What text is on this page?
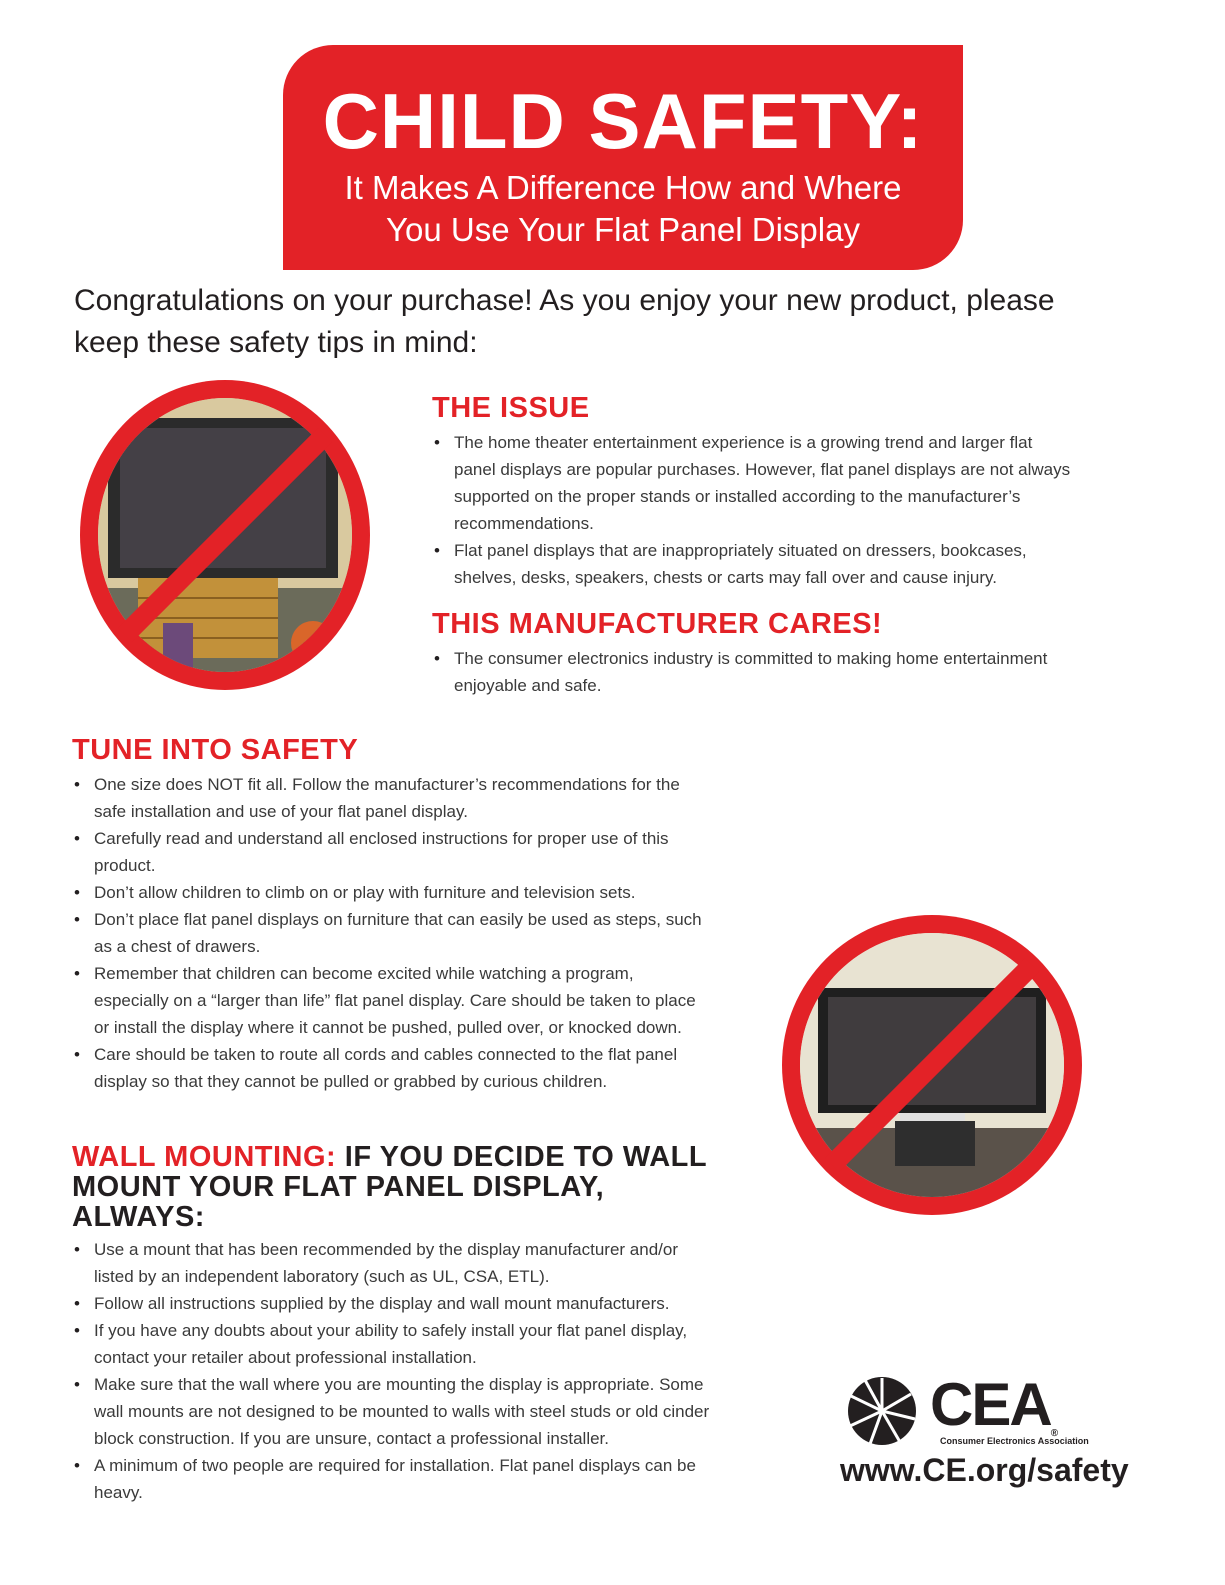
CHILD SAFETY:
It Makes A Difference How and Where
You Use Your Flat Panel Display
Congratulations on your purchase! As you enjoy your new product, please keep these safety tips in mind:
THE ISSUE
• The home theater entertainment experience is a growing trend and larger flat panel displays are popular purchases. However, flat panel displays are not always supported on the proper stands or installed according to the manufacturer’s recommendations.
• Flat panel displays that are inappropriately situated on dressers, bookcases, shelves, desks, speakers, chests or carts may fall over and cause injury.
THIS MANUFACTURER CARES!
• The consumer electronics industry is committed to making home entertainment enjoyable and safe.
TUNE INTO SAFETY
• One size does NOT fit all. Follow the manufacturer’s recommendations for the safe installation and use of your flat panel display.
• Carefully read and understand all enclosed instructions for proper use of this product.
• Don’t allow children to climb on or play with furniture and television sets.
• Don’t place flat panel displays on furniture that can easily be used as steps, such as a chest of drawers.
• Remember that children can become excited while watching a program, especially on a “larger than life” flat panel display. Care should be taken to place or install the display where it cannot be pushed, pulled over, or knocked down.
• Care should be taken to route all cords and cables connected to the flat panel display so that they cannot be pulled or grabbed by curious children.
WALL MOUNTING: IF YOU DECIDE TO WALL MOUNT YOUR FLAT PANEL DISPLAY, ALWAYS:
• Use a mount that has been recommended by the display manufacturer and/or listed by an independent laboratory (such as UL, CSA, ETL).
• Follow all instructions supplied by the display and wall mount manufacturers.
• If you have any doubts about your ability to safely install your flat panel display, contact your retailer about professional installation.
• Make sure that the wall where you are mounting the display is appropriate. Some wall mounts are not designed to be mounted to walls with steel studs or old cinder block construction. If you are unsure, contact a professional installer.
• A minimum of two people are required for installation. Flat panel displays can be heavy.
CEA®
Consumer Electronics Association
www.CE.org/safety
